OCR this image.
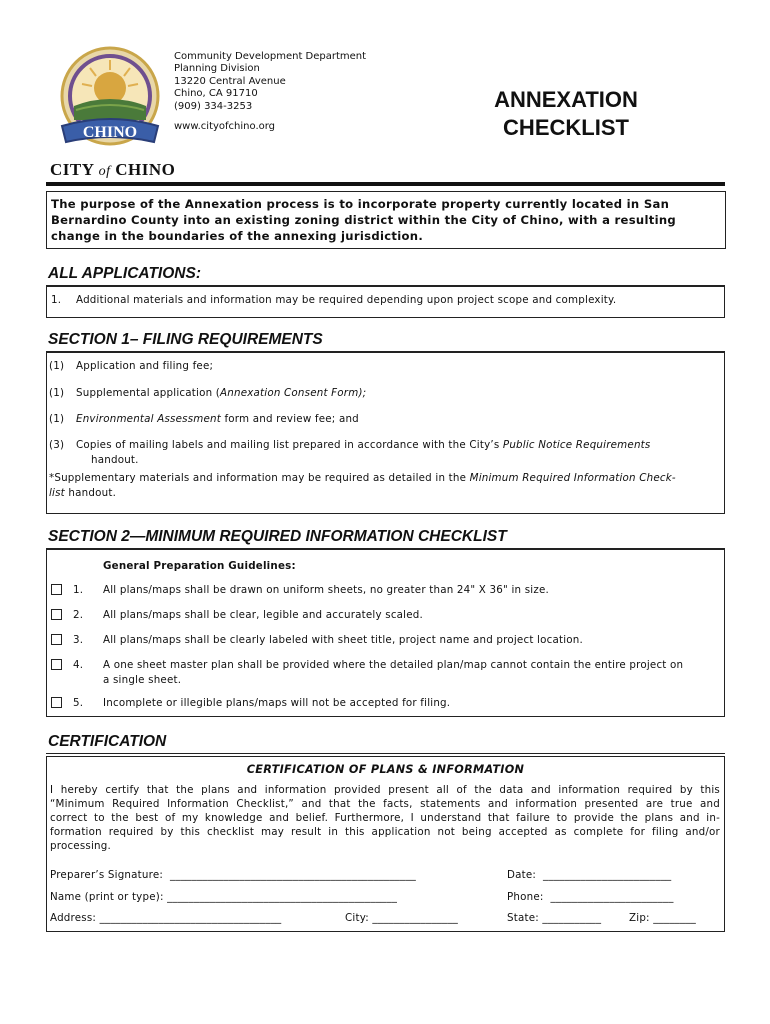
CHINO
CITY of CHINO
Community Development Department
Planning Division
13220 Central Avenue
Chino, CA 91710
(909) 334-3253
www.cityofchino.org
ANNEXATION
CHECKLIST
The purpose of the Annexation process is to incorporate property currently located in San Bernardino County into an existing zoning district within the City of Chino, with a resulting change in the boundaries of the annexing jurisdiction.
ALL APPLICATIONS:
1. Additional materials and information may be required depending upon project scope and complexity.
SECTION 1– FILING REQUIREMENTS
(1) Application and filing fee;
(1) Supplemental application (Annexation Consent Form);
(1) Environmental Assessment form and review fee; and
(3) Copies of mailing labels and mailing list prepared in accordance with the City’s Public Notice Requirements
handout.
*Supplementary materials and information may be required as detailed in the Minimum Required Information Check-
list handout.
SECTION 2—MINIMUM REQUIRED INFORMATION CHECKLIST
General Preparation Guidelines:
1. All plans/maps shall be drawn on uniform sheets, no greater than 24" X 36" in size.
2. All plans/maps shall be clear, legible and accurately scaled.
3. All plans/maps shall be clearly labeled with sheet title, project name and project location.
4. A one sheet master plan shall be provided where the detailed plan/map cannot contain the entire project on
a single sheet.
5. Incomplete or illegible plans/maps will not be accepted for filing.
CERTIFICATION
CERTIFICATION OF PLANS & INFORMATION
I hereby certify that the plans and information provided present all of the data and information required by this
“Minimum Required Information Checklist,” and that the facts, statements and information presented are true and
correct to the best of my knowledge and belief. Furthermore, I understand that failure to provide the plans and in-
formation required by this checklist may result in this application not being accepted as complete for filing and/or
processing.
Preparer’s Signature: ______________________________________________	Date: ________________________
Name (print or type): ___________________________________________	Phone: _______________________
Address: __________________________________	City: ________________	State: ___________	Zip: ________
